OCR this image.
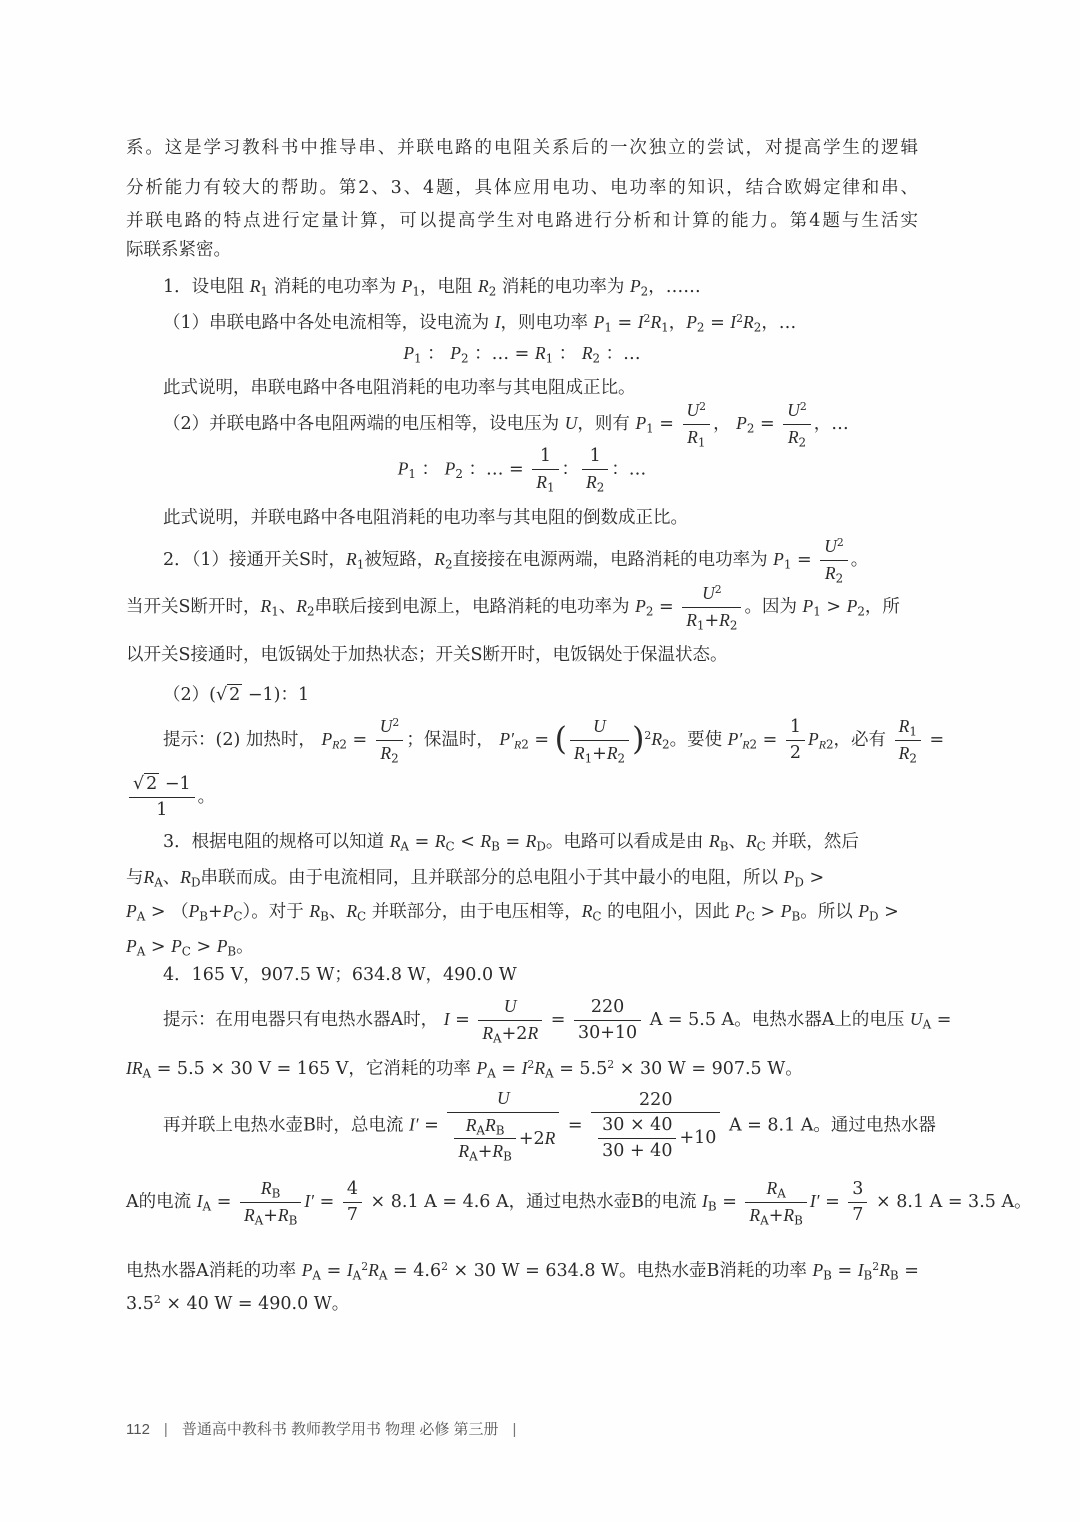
系。这是学习教科书中推导串、并联电路的电阻关系后的一次独立的尝试，对提高学生的逻辑
分析能力有较大的帮助。第2、3、4题，具体应用电功、电功率的知识，结合欧姆定律和串、
并联电路的特点进行定量计算，可以提高学生对电路进行分析和计算的能力。第4题与生活实
际联系紧密。
1．设电阻 $R_1$ 消耗的电功率为 $P_1$，电阻 $R_2$ 消耗的电功率为 $P_2$，……
（1）串联电路中各处电流相等，设电流为 I，则电功率 $P_1 = I^2R_1$，$P_2 = I^2R_2$，…
$P_1$ ： $P_2$ ：… = $R_1$ ： $R_2$ ：…
此式说明，串联电路中各电阻消耗的电功率与其电阻成正比。
（2）并联电路中各电阻两端的电压相等，设电压为 U，则有 $P_1 = \frac{U^2}{R_1}$ ， $P_2 = \frac{U^2}{R_2}$ ，…
$P_1$ ： $P_2$ ：… = $\frac{1}{R_1}$ ： $\frac{1}{R_2}$ ：…
此式说明，并联电路中各电阻消耗的电功率与其电阻的倒数成正比。
2．（1）接通开关S时，$R_1$被短路，$R_2$直接接在电源两端，电路消耗的电功率为 $P_1 = \frac{U^2}{R_2}$ 。
当开关S断开时，$R_1$、$R_2$串联后接到电源上，电路消耗的电功率为 $P_2 = \frac{U^2}{R_1+R_2}$ 。因为 $P_1 > P_2$，所
以开关S接通时，电饭锅处于加热状态；开关S断开时，电饭锅处于保温状态。
（2）(√ 2 −1)：1
提示：(2) 加热时， $P_{R2} = \frac{U^2}{R_2}$ ；保温时， $P'_{R2}$ = ( $\frac{U}{R_1+R_2} )^2R_2$。要使 $P'_{R2} = \frac{1}{2} P_{R2}$，必有 $\frac{R_1}{R_2}$ =
$\frac{√ 2 -1}{1}$ 。
3．根据电阻的规格可以知道 $R_A = R_C < R_B = R_D$。电路可以看成是由 $R_B$、$R_C$ 并联，然后
与$R_A$、$R_D$串联而成。由于电流相同，且并联部分的总电阻小于其中最小的电阻，所以 $P_D$ >
$P_A > (P_B+P_C)$。对于 $R_B$、$R_C$ 并联部分，由于电压相等，$R_C$ 的电阻小，因此 $P_C > P_B$。所以 $P_D$ >
$P_A > P_C > P_B$。
4．165 V，907.5 W；634.8 W，490.0 W
提示：在用电器只有电热水器A时， $I = \frac{U}{R_A+2R} = \frac{220}{30+10}$ A = 5.5 A。电热水器A上的电压 $U_A$ =
$IR_A = 5.5 \times 30$ V = 165 V，它消耗的功率 $P_A = I^2R_A = 5.5^2 \times 30$ W = 907.5 W。
再并联上电热水壶B时，总电流 I′ =
U
$R_AR_B$
$R_A+R_B$
+2R
= $\frac{220}{\frac{30 \times 40}{30 + 40} +10}$ A = 8.1 A。通过电热水器
A的电流 $I_A = \frac{R_B}{R_A+R_B} I' = \frac{4}{7} \times 8.1$ A = 4.6 A，通过电热水壶B的电流 $I_B = \frac{R_A}{R_A+R_B} I' = \frac{3}{7} \times 8.1$ A = 3.5 A。
电热水器A消耗的功率 $P_A = I_A^2R_A = 4.6^2 \times 30$ W = 634.8 W。电热水壶B消耗的功率 $P_B = I_B^2R_B$ =
$3.5^2 \times 40$ W = 490.0 W。
112 | 普通高中教科书 教师教学用书 物理 必修 第三册 |
